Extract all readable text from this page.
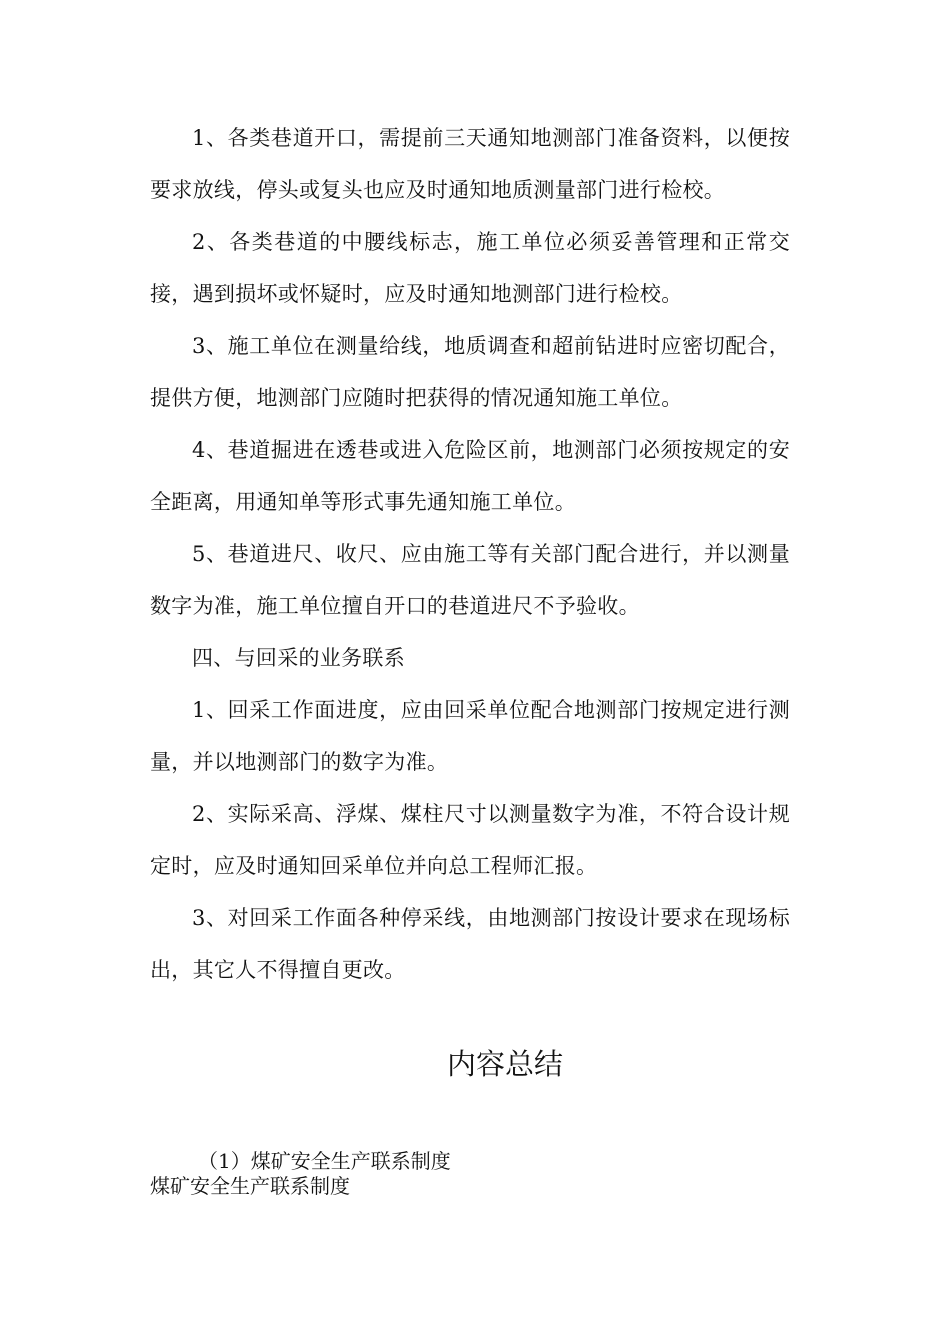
1、各类巷道开口，需提前三天通知地测部门准备资料，以便按要求放线，停头或复头也应及时通知地质测量部门进行检校。

2、各类巷道的中腰线标志，施工单位必须妥善管理和正常交接，遇到损坏或怀疑时，应及时通知地测部门进行检校。

3、施工单位在测量给线，地质调查和超前钻进时应密切配合，提供方便，地测部门应随时把获得的情况通知施工单位。

4、巷道掘进在透巷或进入危险区前，地测部门必须按规定的安全距离，用通知单等形式事先通知施工单位。

5、巷道进尺、收尺、应由施工等有关部门配合进行，并以测量数字为准，施工单位擅自开口的巷道进尺不予验收。

四、与回采的业务联系

1、回采工作面进度，应由回采单位配合地测部门按规定进行测量，并以地测部门的数字为准。

2、实际采高、浮煤、煤柱尺寸以测量数字为准，不符合设计规定时，应及时通知回采单位并向总工程师汇报。

3、对回采工作面各种停采线，由地测部门按设计要求在现场标出，其它人不得擅自更改。

内容总结

（1）煤矿安全生产联系制度

煤矿安全生产联系制度
